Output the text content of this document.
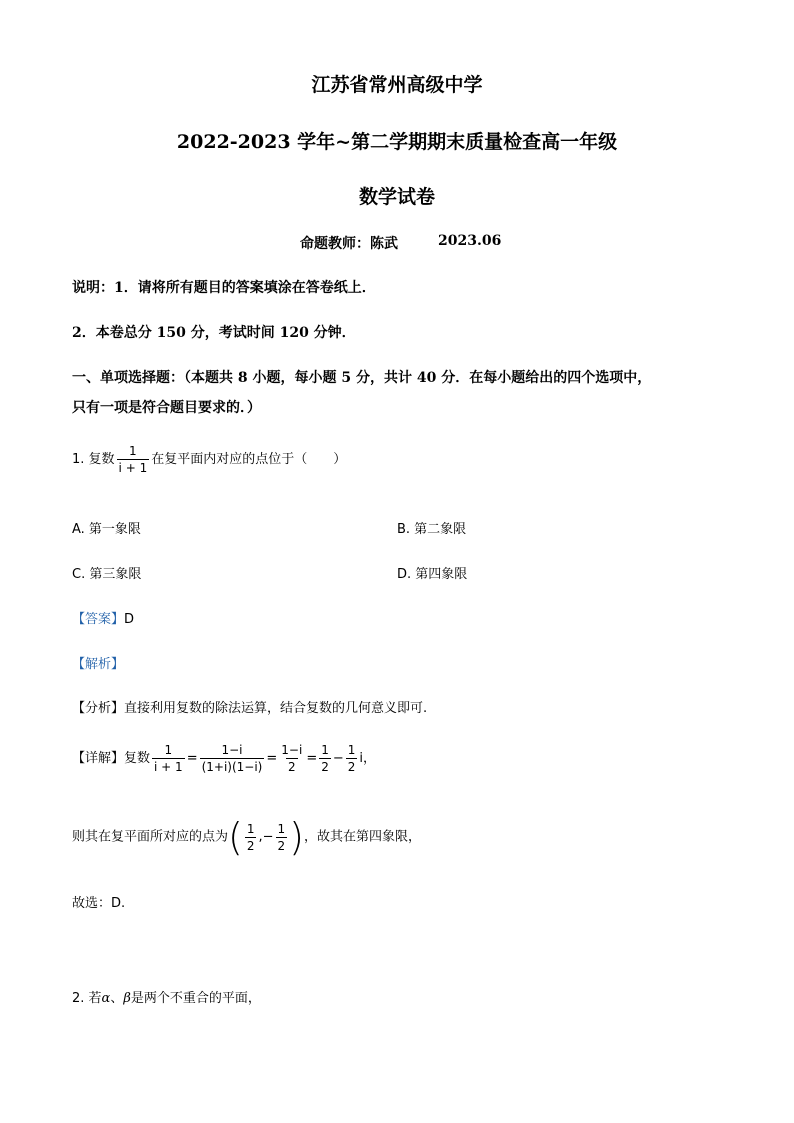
江苏省常州高级中学
2022-2023 学年~第二学期期末质量检查高一年级
数学试卷
命题教师：陈武	2023.06
说明：1．请将所有题目的答案填涂在答卷纸上．
2．本卷总分 150 分，考试时间 120 分钟．
一、单项选择题：（本题共 8 小题，每小题 5 分，共计 40 分．在每小题给出的四个选项中，
只有一项是符合题目要求的．）
1. 复数 $\frac{1}{i + 1}$ 在复平面内对应的点位于（　　）
A. 第一象限	B. 第二象限
C. 第三象限	D. 第四象限
【答案】D
【解析】
【分析】直接利用复数的除法运算，结合复数的几何意义即可.
【详解】复数 $\frac{1}{i + 1} = \frac{1-i}{(1+i)(1-i)} = \frac{1-i}{2} = \frac{1}{2} - \frac{1}{2}$ i，
则其在复平面所对应的点为( $\frac{1}{2}$ ,− $\frac{1}{2}$ )，故其在第四象限，
故选：D.
2. 若α、β是两个不重合的平面，
